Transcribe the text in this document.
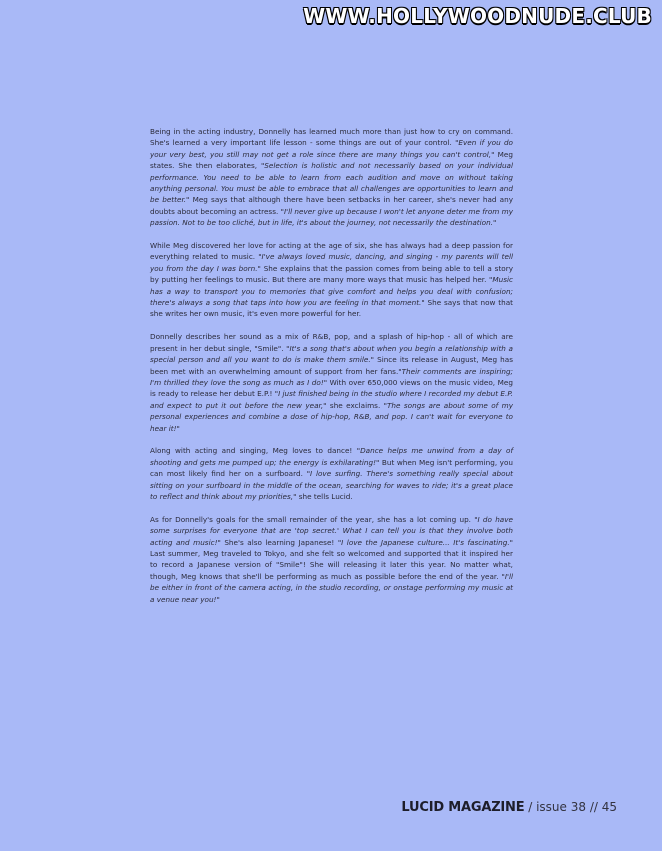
WWW.HOLLYWOODNUDE.CLUB

Being in the acting industry, Donnelly has learned much more than just how to cry on command. She's learned a very important life lesson - some things are out of your control. "Even if you do your very best, you still may not get a role since there are many things you can't control," Meg states. She then elaborates, "Selection is holistic and not necessarily based on your individual performance. You need to be able to learn from each audition and move on without taking anything personal. You must be able to embrace that all challenges are opportunities to learn and be better." Meg says that although there have been setbacks in her career, she's never had any doubts about becoming an actress. "I'll never give up because I won't let anyone deter me from my passion. Not to be too cliché, but in life, it's about the journey, not necessarily the destination."

While Meg discovered her love for acting at the age of six, she has always had a deep passion for everything related to music. "I've always loved music, dancing, and singing - my parents will tell you from the day I was born." She explains that the passion comes from being able to tell a story by putting her feelings to music. But there are many more ways that music has helped her. "Music has a way to transport you to memories that give comfort and helps you deal with confusion; there's always a song that taps into how you are feeling in that moment." She says that now that she writes her own music, it's even more powerful for her.

Donnelly describes her sound as a mix of R&B, pop, and a splash of hip-hop - all of which are present in her debut single, "Smile". "It's a song that's about when you begin a relationship with a special person and all you want to do is make them smile." Since its release in August, Meg has been met with an overwhelming amount of support from her fans."Their comments are inspiring; I'm thrilled they love the song as much as I do!" With over 650,000 views on the music video, Meg is ready to release her debut E.P.! "I just finished being in the studio where I recorded my debut E.P. and expect to put it out before the new year," she exclaims. "The songs are about some of my personal experiences and combine a dose of hip-hop, R&B, and pop. I can't wait for everyone to hear it!"

Along with acting and singing, Meg loves to dance! "Dance helps me unwind from a day of shooting and gets me pumped up; the energy is exhilarating!" But when Meg isn't performing, you can most likely find her on a surfboard. "I love surfing. There's something really special about sitting on your surfboard in the middle of the ocean, searching for waves to ride; it's a great place to reflect and think about my priorities," she tells Lucid.

As for Donnelly's goals for the small remainder of the year, she has a lot coming up. "I do have some surprises for everyone that are 'top secret.' What I can tell you is that they involve both acting and music!" She's also learning Japanese! "I love the Japanese culture... It's fascinating." Last summer, Meg traveled to Tokyo, and she felt so welcomed and supported that it inspired her to record a Japanese version of "Smile"! She will releasing it later this year. No matter what, though, Meg knows that she'll be performing as much as possible before the end of the year. "I'll be either in front of the camera acting, in the studio recording, or onstage performing my music at a venue near you!"

LUCID MAGAZINE / issue 38 // 45
